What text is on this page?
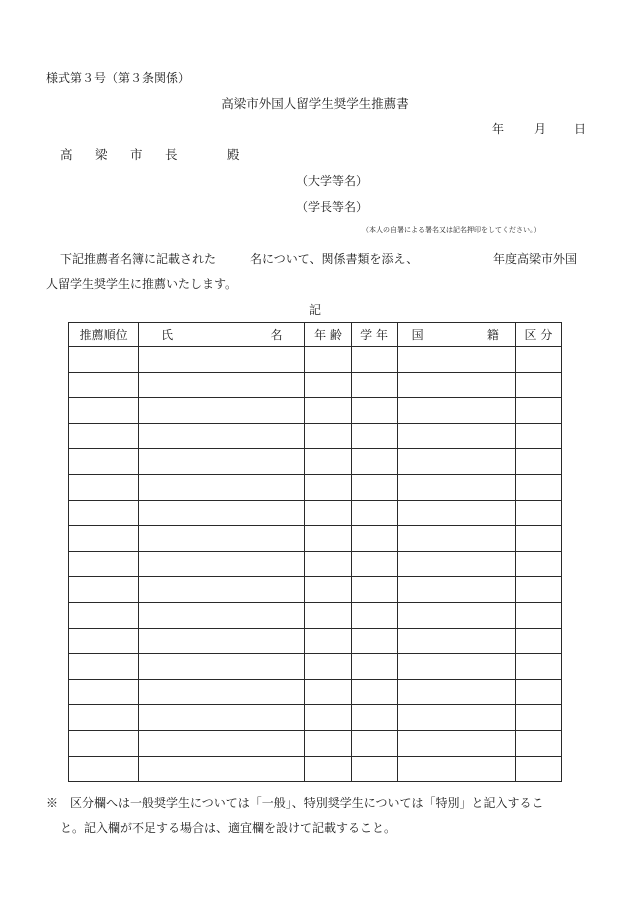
様式第３号（第３条関係）
高梁市外国人留学生奨学生推薦書
年 月 日
高 梁 市 長	殿
（大学等名）
（学長等名）
（本人の自署による署名又は記名押印をしてください。）
下記推薦者名簿に記載された	名について、関係書類を添え、	年度高梁市外国
人留学生奨学生に推薦いたします。
記
推薦順位	氏 名	年 齢	学 年	国 籍	区 分

※　区分欄へは一般奨学生については「一般」、特別奨学生については「特別」と記入するこ
と。記入欄が不足する場合は、適宜欄を設けて記載すること。
